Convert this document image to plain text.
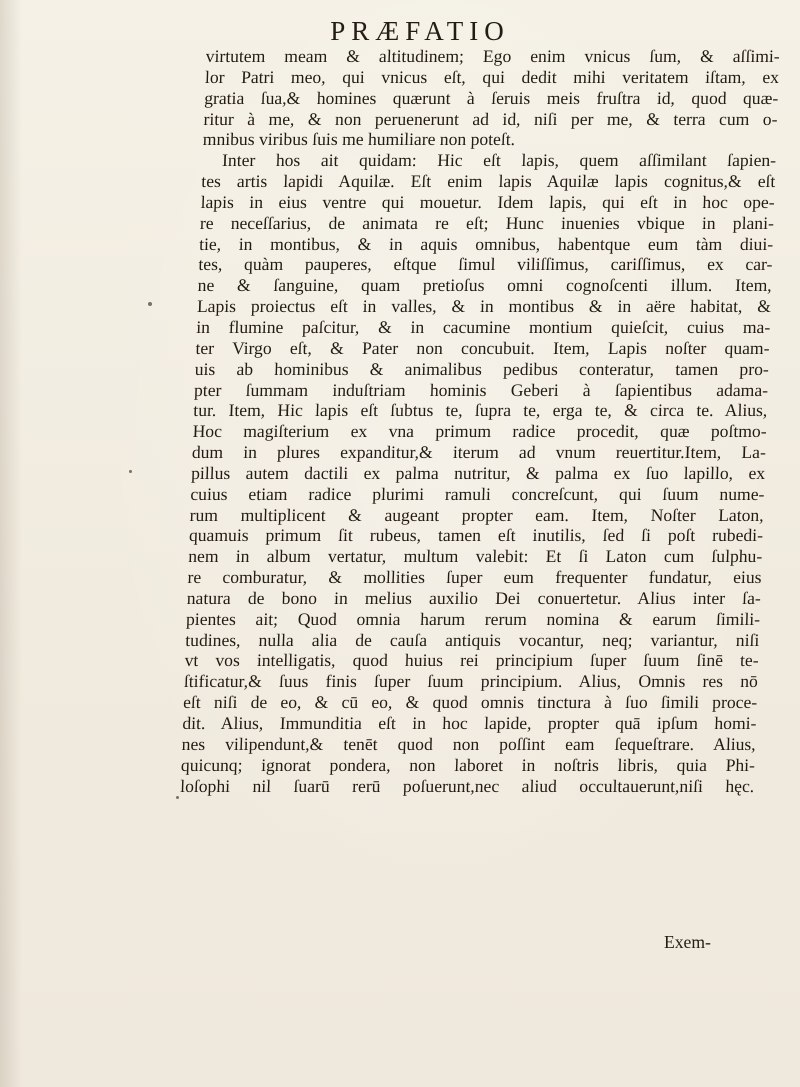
PRÆFATIO
virtutem meam & altitudinem; Ego enim vnicus ſum, & aſſimi-
lor Patri meo, qui vnicus eſt, qui dedit mihi veritatem iſtam, ex
gratia ſua,& homines quærunt à ſeruis meis fruſtra id, quod quæ-
ritur à me, & non peruenerunt ad id, niſi per me, & terra cum o-
mnibus viribus ſuis me humiliare non poteſt.
Inter hos ait quidam: Hic eſt lapis, quem aſſimilant ſapien-
tes artis lapidi Aquilæ. Eſt enim lapis Aquilæ lapis cognitus,& eſt
lapis in eius ventre qui mouetur. Idem lapis, qui eſt in hoc ope-
re neceſſarius, de animata re eſt; Hunc inuenies vbique in plani-
tie, in montibus, & in aquis omnibus, habentque eum tàm diui-
tes, quàm pauperes, eſtque ſimul viliſſimus, cariſſimus, ex car-
ne & ſanguine, quam pretioſus omni cognoſcenti illum. Item,
Lapis proiectus eſt in valles, & in montibus & in aëre habitat, &
in flumine paſcitur, & in cacumine montium quieſcit, cuius ma-
ter Virgo eſt, & Pater non concubuit. Item, Lapis noſter quam-
uis ab hominibus & animalibus pedibus conteratur, tamen pro-
pter ſummam induſtriam hominis Geberi à ſapientibus adama-
tur. Item, Hic lapis eſt ſubtus te, ſupra te, erga te, & circa te. Alius,
Hoc magiſterium ex vna primum radice procedit, quæ poſtmo-
dum in plures expanditur,& iterum ad vnum reuertitur.Item, La-
pillus autem dactili ex palma nutritur, & palma ex ſuo lapillo, ex
cuius etiam radice plurimi ramuli concreſcunt, qui ſuum nume-
rum multiplicent & augeant propter eam. Item, Noſter Laton,
quamuis primum ſit rubeus, tamen eſt inutilis, ſed ſi poſt rubedi-
nem in album vertatur, multum valebit: Et ſi Laton cum ſulphu-
re comburatur, & mollities ſuper eum frequenter fundatur, eius
natura de bono in melius auxilio Dei conuertetur. Alius inter ſa-
pientes ait; Quod omnia harum rerum nomina & earum ſimili-
tudines, nulla alia de cauſa antiquis vocantur, neq; variantur, niſi
vt vos intelligatis, quod huius rei principium ſuper ſuum ſinē te-
ſtificatur,& ſuus finis ſuper ſuum principium. Alius, Omnis res nō
eſt niſi de eo, & cū eo, & quod omnis tinctura à ſuo ſimili proce-
dit. Alius, Immunditia eſt in hoc lapide, propter quā ipſum homi-
nes vilipendunt,& tenēt quod non poſſint eam ſequeſtrare. Alius,
quicunq; ignorat pondera, non laboret in noſtris libris, quia Phi-
loſophi nil ſuarū rerū poſuerunt,nec aliud occultauerunt,niſi hęc.
Exem-
